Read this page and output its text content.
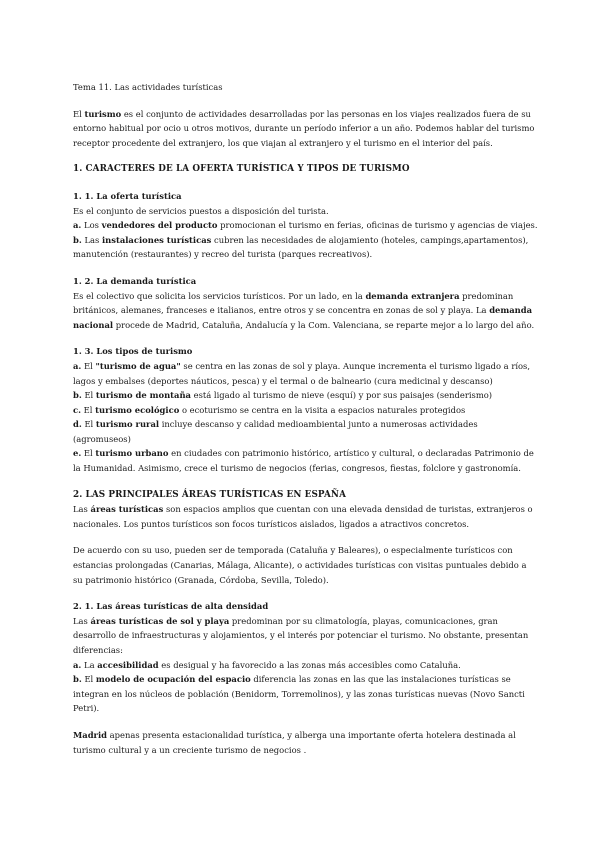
Tema 11. Las actividades turísticas

El turismo es el conjunto de actividades desarrolladas por las personas en los viajes realizados fuera de su entorno habitual por ocio u otros motivos, durante un período inferior a un año. Podemos hablar del turismo receptor procedente del extranjero, los que viajan al extranjero y el turismo en el interior del país.

1. CARACTERES DE LA OFERTA TURÍSTICA Y TIPOS DE TURISMO

1. 1. La oferta turística

Es el conjunto de servicios puestos a disposición del turista.

a. Los vendedores del producto promocionan el turismo en ferias, oficinas de turismo y agencias de viajes.

b. Las instalaciones turísticas cubren las necesidades de alojamiento (hoteles, campings,apartamentos), manutención (restaurantes) y recreo del turista (parques recreativos).

1. 2. La demanda turística

Es el colectivo que solicita los servicios turísticos. Por un lado, en la demanda extranjera predominan británicos, alemanes, franceses e italianos, entre otros y se concentra en zonas de sol y playa. La demanda nacional procede de Madrid, Cataluña, Andalucía y la Com. Valenciana, se reparte mejor a lo largo del año.

1. 3. Los tipos de turismo

a. El "turismo de agua" se centra en las zonas de sol y playa. Aunque incrementa el turismo ligado a ríos, lagos y embalses (deportes náuticos, pesca) y el termal o de balneario (cura medicinal y descanso)

b. El turismo de montaña está ligado al turismo de nieve (esquí) y por sus paisajes (senderismo)

c. El turismo ecológico o ecoturismo se centra en la visita a espacios naturales protegidos

d. El turismo rural incluye descanso y calidad medioambiental junto a numerosas actividades (agromuseos)

e. El turismo urbano en ciudades con patrimonio histórico, artístico y cultural, o declaradas Patrimonio de la Humanidad. Asimismo, crece el turismo de negocios (ferias, congresos, fiestas, folclore y gastronomía.

2. LAS PRINCIPALES ÁREAS TURÍSTICAS EN ESPAÑA

Las áreas turísticas son espacios amplios que cuentan con una elevada densidad de turistas, extranjeros o nacionales. Los puntos turísticos son focos turísticos aislados, ligados a atractivos concretos.

De acuerdo con su uso, pueden ser de temporada (Cataluña y Baleares), o especialmente turísticos con estancias prolongadas (Canarias, Málaga, Alicante), o actividades turísticas con visitas puntuales debido a su patrimonio histórico (Granada, Córdoba, Sevilla, Toledo).

2. 1. Las áreas turísticas de alta densidad

Las áreas turísticas de sol y playa predominan por su climatología, playas, comunicaciones, gran desarrollo de infraestructuras y alojamientos, y el interés por potenciar el turismo. No obstante, presentan diferencias:

a. La accesibilidad es desigual y ha favorecido a las zonas más accesibles como Cataluña.

b. El modelo de ocupación del espacio diferencia las zonas en las que las instalaciones turísticas se integran en los núcleos de población (Benidorm, Torremolinos), y las zonas turísticas nuevas (Novo Sancti Petri).

Madrid apenas presenta estacionalidad turística, y alberga una importante oferta hotelera destinada al turismo cultural y a un creciente turismo de negocios .
